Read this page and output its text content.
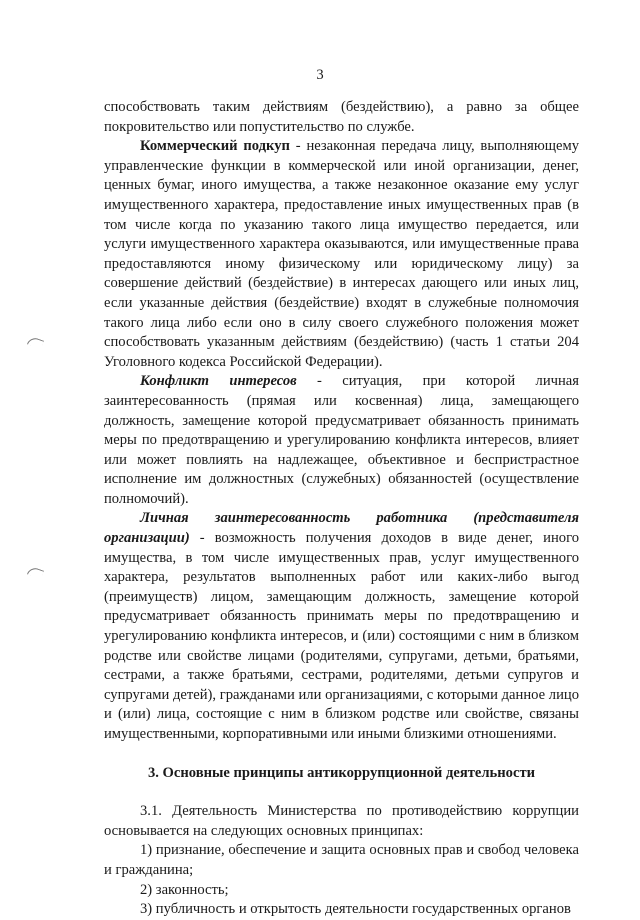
3

способствовать таким действиям (бездействию), а равно за общее покровительство или попустительство по службе.

Коммерческий подкуп - незаконная передача лицу, выполняющему управленческие функции в коммерческой или иной организации, денег, ценных бумаг, иного имущества, а также незаконное оказание ему услуг имущественного характера, предоставление иных имущественных прав (в том числе когда по указанию такого лица имущество передается, или услуги имущественного характера оказываются, или имущественные права предоставляются иному физическому или юридическому лицу) за совершение действий (бездействие) в интересах дающего или иных лиц, если указанные действия (бездействие) входят в служебные полномочия такого лица либо если оно в силу своего служебного положения может способствовать указанным действиям (бездействию) (часть 1 статьи 204 Уголовного кодекса Российской Федерации).

Конфликт интересов - ситуация, при которой личная заинтересованность (прямая или косвенная) лица, замещающего должность, замещение которой предусматривает обязанность принимать меры по предотвращению и урегулированию конфликта интересов, влияет или может повлиять на надлежащее, объективное и беспристрастное исполнение им должностных (служебных) обязанностей (осуществление полномочий).

Личная заинтересованность работника (представителя организации) - возможность получения доходов в виде денег, иного имущества, в том числе имущественных прав, услуг имущественного характера, результатов выполненных работ или каких-либо выгод (преимуществ) лицом, замещающим должность, замещение которой предусматривает обязанность принимать меры по предотвращению и урегулированию конфликта интересов, и (или) состоящими с ним в близком родстве или свойстве лицами (родителями, супругами, детьми, братьями, сестрами, а также братьями, сестрами, родителями, детьми супругов и супругами детей), гражданами или организациями, с которыми данное лицо и (или) лица, состоящие с ним в близком родстве или свойстве, связаны имущественными, корпоративными или иными близкими отношениями.

3. Основные принципы антикоррупционной деятельности

3.1. Деятельность Министерства по противодействию коррупции основывается на следующих основных принципах:

1) признание, обеспечение и защита основных прав и свобод человека и гражданина;

2) законность;

3) публичность и открытость деятельности государственных органов
